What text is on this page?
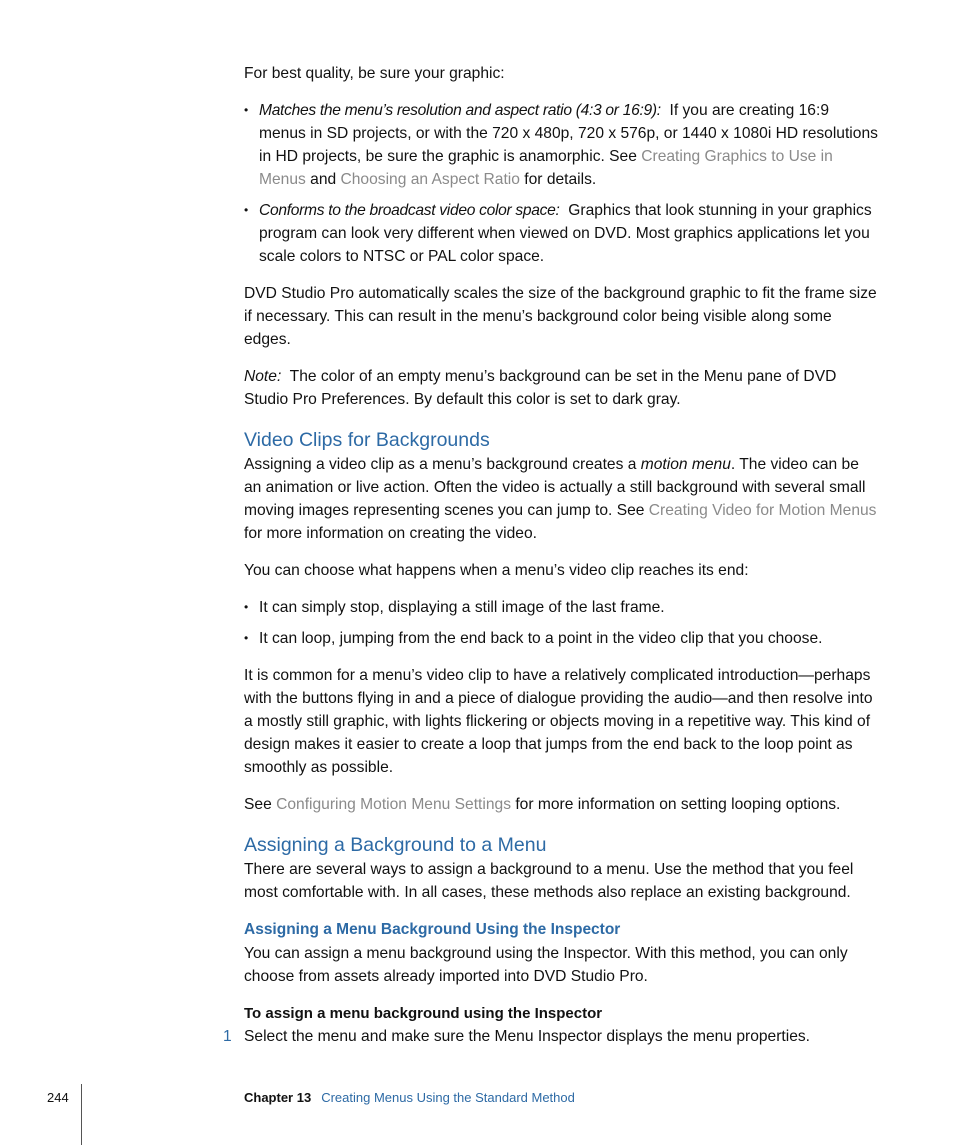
For best quality, be sure your graphic:

• Matches the menu’s resolution and aspect ratio (4:3 or 16:9): If you are creating 16:9 menus in SD projects, or with the 720 x 480p, 720 x 576p, or 1440 x 1080i HD resolutions in HD projects, be sure the graphic is anamorphic. See Creating Graphics to Use in Menus and Choosing an Aspect Ratio for details.
• Conforms to the broadcast video color space: Graphics that look stunning in your graphics program can look very different when viewed on DVD. Most graphics applications let you scale colors to NTSC or PAL color space.

DVD Studio Pro automatically scales the size of the background graphic to fit the frame size if necessary. This can result in the menu’s background color being visible along some edges.

Note: The color of an empty menu’s background can be set in the Menu pane of DVD Studio Pro Preferences. By default this color is set to dark gray.

Video Clips for Backgrounds

Assigning a video clip as a menu’s background creates a motion menu. The video can be an animation or live action. Often the video is actually a still background with several small moving images representing scenes you can jump to. See Creating Video for Motion Menus for more information on creating the video.

You can choose what happens when a menu’s video clip reaches its end:

• It can simply stop, displaying a still image of the last frame.
• It can loop, jumping from the end back to a point in the video clip that you choose.

It is common for a menu’s video clip to have a relatively complicated introduction—perhaps with the buttons flying in and a piece of dialogue providing the audio—and then resolve into a mostly still graphic, with lights flickering or objects moving in a repetitive way. This kind of design makes it easier to create a loop that jumps from the end back to the loop point as smoothly as possible.

See Configuring Motion Menu Settings for more information on setting looping options.

Assigning a Background to a Menu

There are several ways to assign a background to a menu. Use the method that you feel most comfortable with. In all cases, these methods also replace an existing background.

Assigning a Menu Background Using the Inspector

You can assign a menu background using the Inspector. With this method, you can only choose from assets already imported into DVD Studio Pro.

To assign a menu background using the Inspector

1 Select the menu and make sure the Menu Inspector displays the menu properties.

244	Chapter 13 Creating Menus Using the Standard Method
